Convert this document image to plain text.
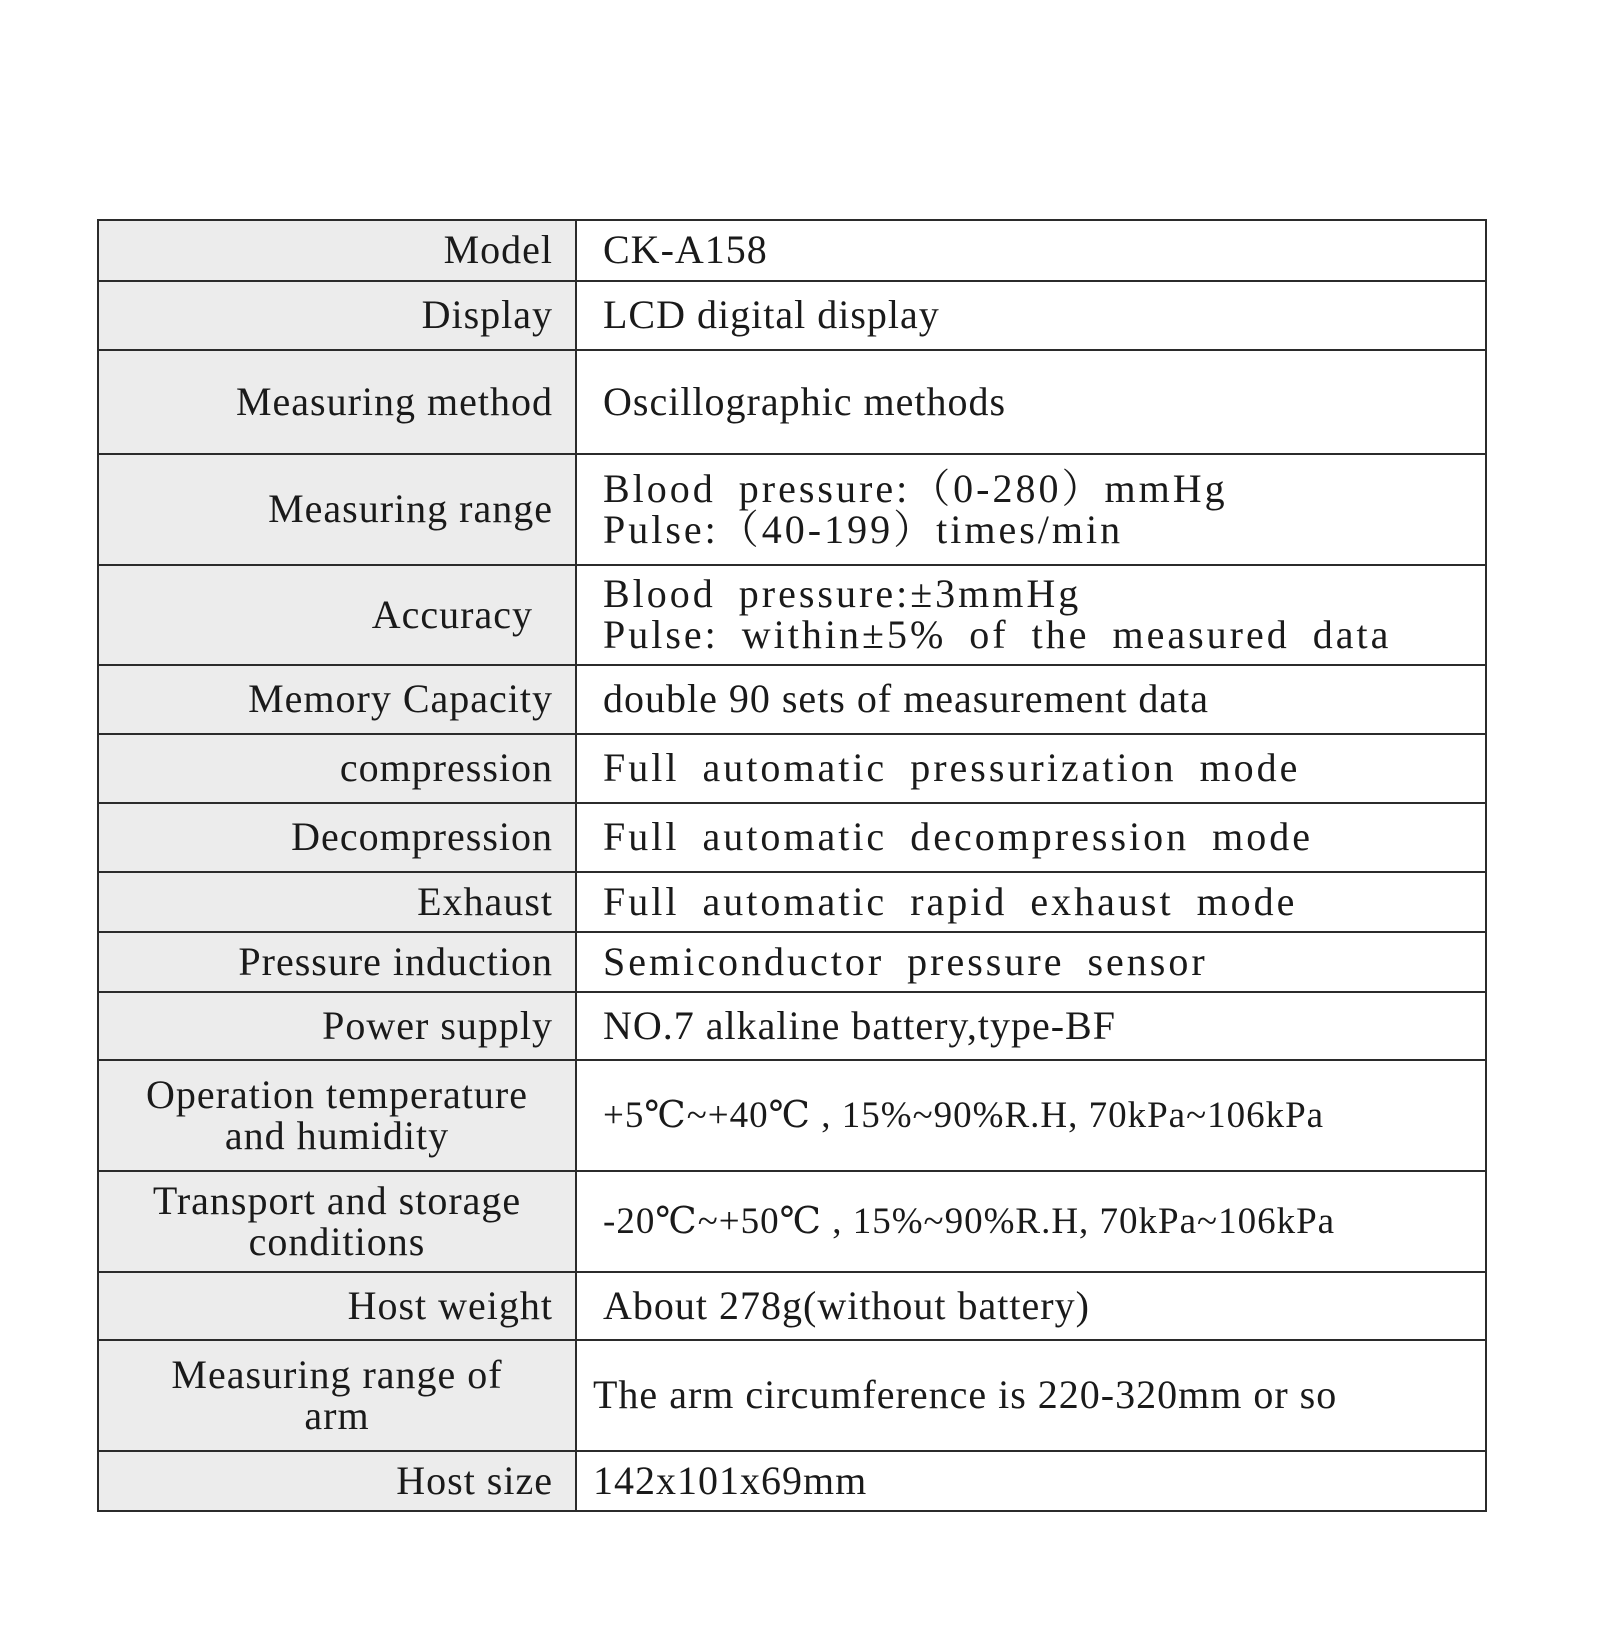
Model	CK-A158

Display	LCD digital display

Measuring method	Oscillographic methods

Measuring range	Blood pressure:（0-280）mmHg
Pulse:（40-199）times/min

Accuracy	Blood pressure:±3mmHg
Pulse: within±5% of the measured data

Memory Capacity	double 90 sets of measurement data

compression	Full automatic pressurization mode

Decompression	Full automatic decompression mode

Exhaust	Full automatic rapid exhaust mode

Pressure induction	Semiconductor pressure sensor

Power supply	NO.7 alkaline battery,type-BF

Operation temperature
and humidity	+5℃~+40℃ , 15%~90%R.H, 70kPa~106kPa

Transport and storage
conditions	-20℃~+50℃ , 15%~90%R.H, 70kPa~106kPa

Host weight	About 278g(without battery)

Measuring range of
arm	The arm circumference is 220-320mm or so

Host size	142x101x69mm
